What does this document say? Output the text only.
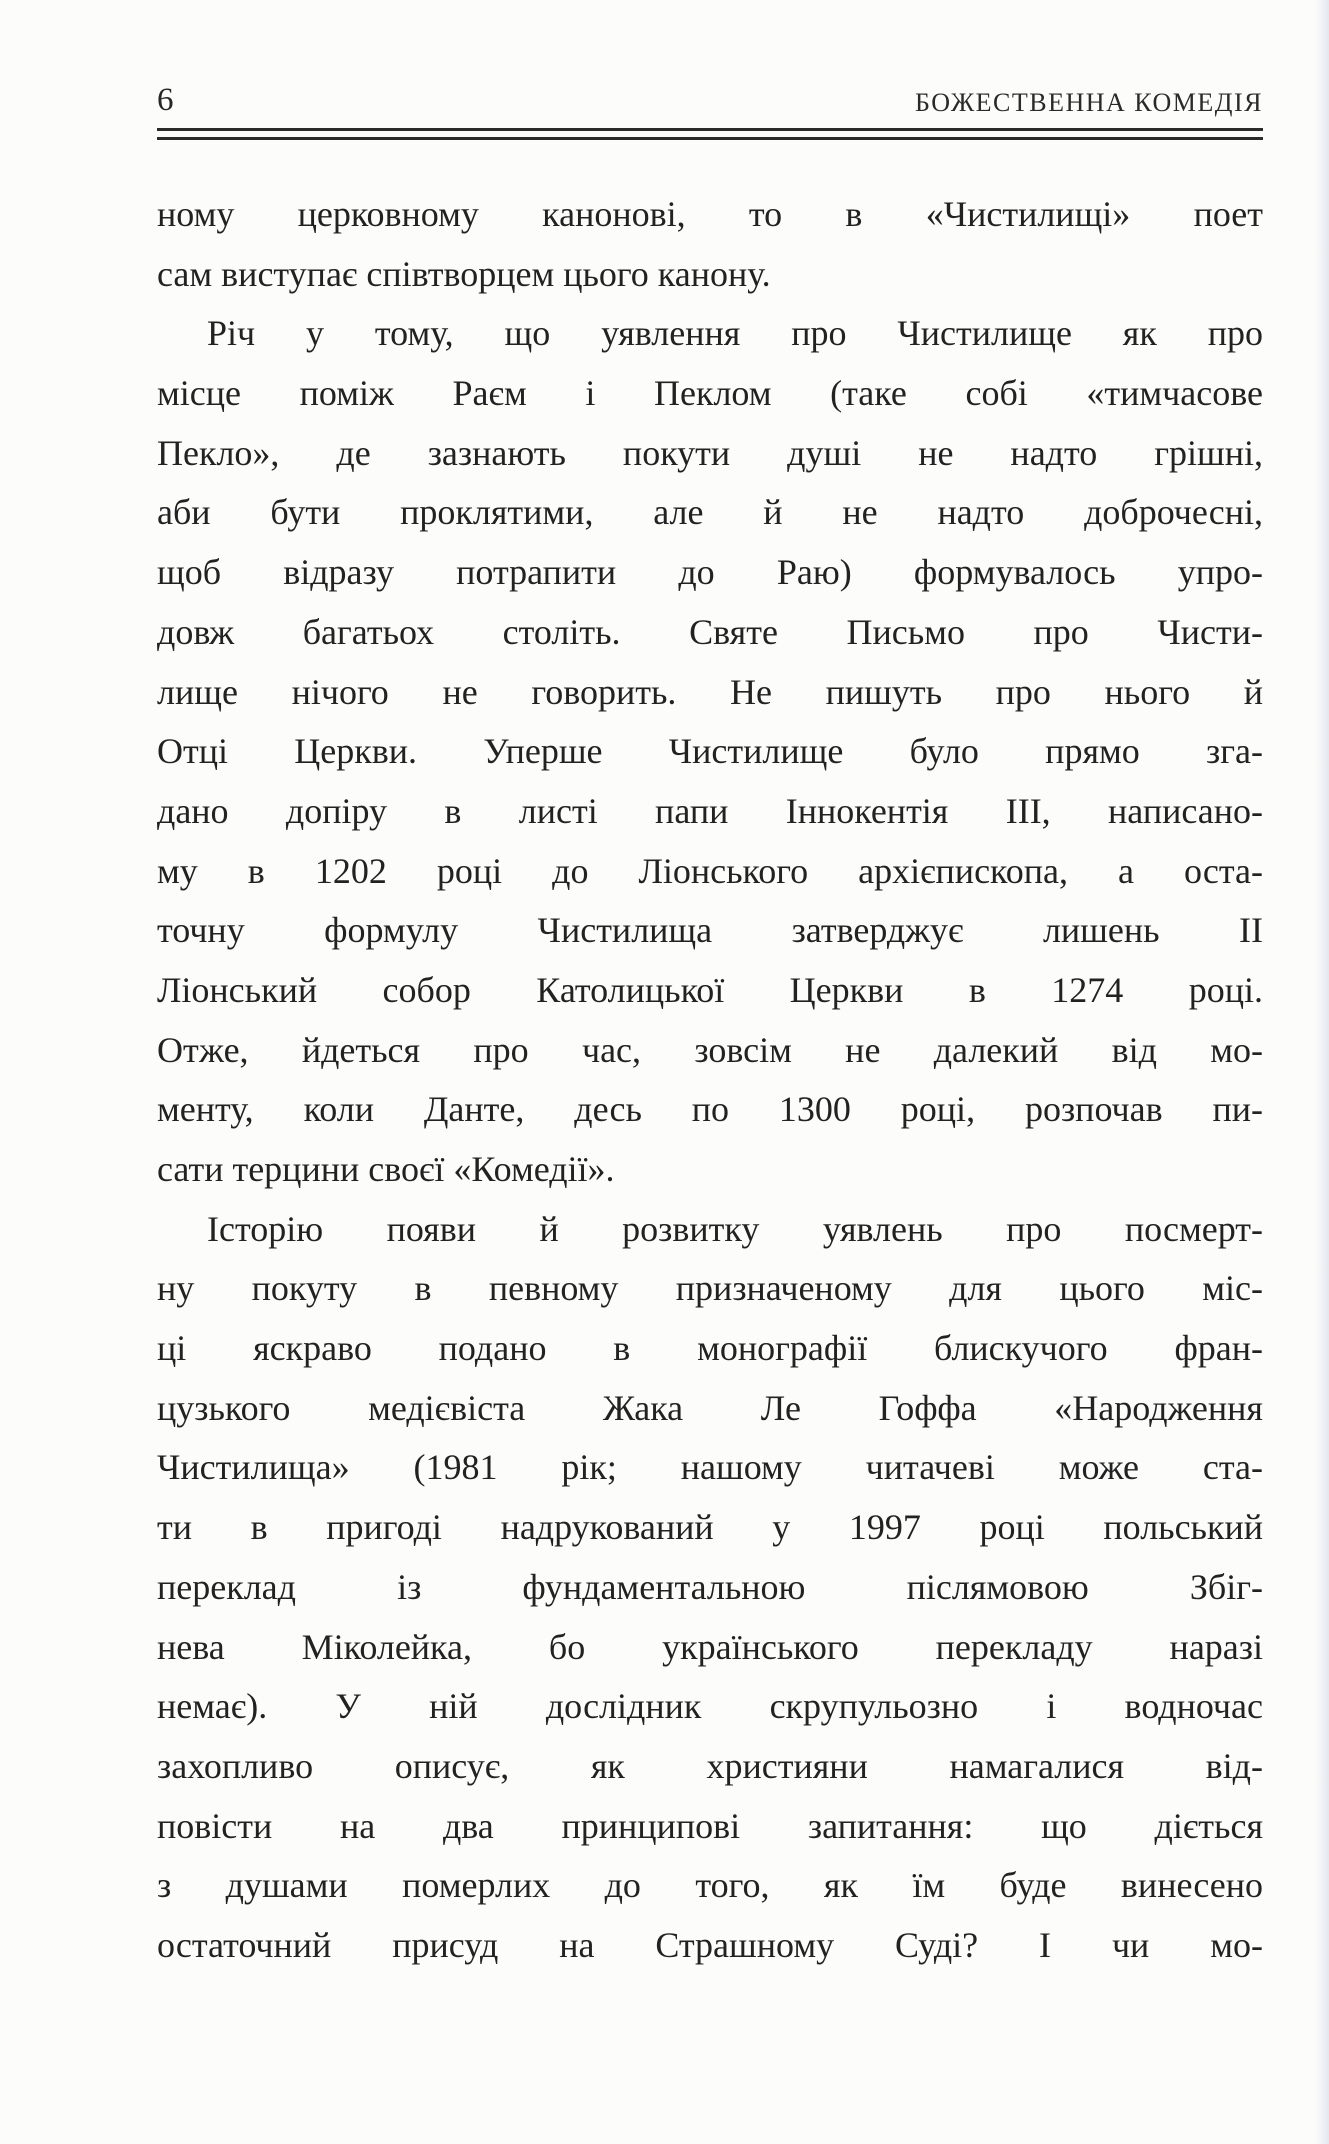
6	БОЖЕСТВЕННА КОМЕДІЯ
ному церковному канонові, то в «Чистилищі» поет
сам виступає співтворцем цього канону.
Річ у тому, що уявлення про Чистилище як про
місце поміж Раєм і Пеклом (таке собі «тимчасове
Пекло», де зазнають покути душі не надто грішні,
аби бути проклятими, але й не надто доброчесні,
щоб відразу потрапити до Раю) формувалось упро-
довж багатьох століть. Святе Письмо про Чисти-
лище нічого не говорить. Не пишуть про нього й
Отці Церкви. Уперше Чистилище було прямо зга-
дано допіру в листі папи Іннокентія ІІІ, написано-
му в 1202 році до Ліонського архієпископа, а оста-
точну формулу Чистилища затверджує лишень ІІ
Ліонський собор Католицької Церкви в 1274 році.
Отже, йдеться про час, зовсім не далекий від мо-
менту, коли Данте, десь по 1300 році, розпочав пи-
сати терцини своєї «Комедії».
Історію появи й розвитку уявлень про посмерт-
ну покуту в певному призначеному для цього міс-
ці яскраво подано в монографії блискучого фран-
цузького медієвіста Жака Ле Гоффа «Народження
Чистилища» (1981 рік; нашому читачеві може ста-
ти в пригоді надрукований у 1997 році польський
переклад із фундаментальною післямовою Збіг-
нева Міколейка, бо українського перекладу наразі
немає). У ній дослідник скрупульозно і водночас
захопливо описує, як християни намагалися від-
повісти на два принципові запитання: що діється
з душами померлих до того, як їм буде винесено
остаточний присуд на Страшному Суді? І чи мо-
